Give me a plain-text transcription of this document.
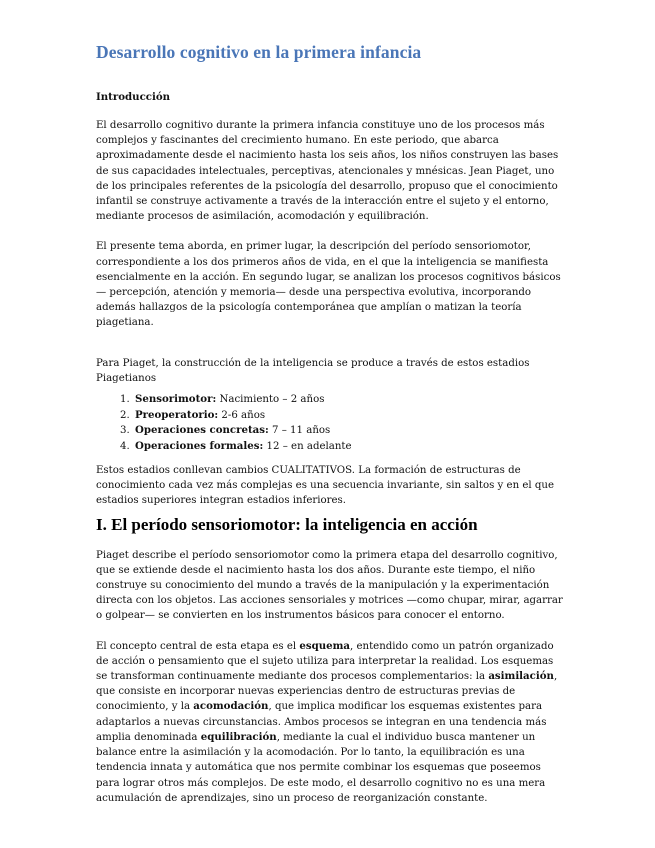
Desarrollo cognitivo en la primera infancia
Introducción

El desarrollo cognitivo durante la primera infancia constituye uno de los procesos más complejos y fascinantes del crecimiento humano. En este periodo, que abarca aproximadamente desde el nacimiento hasta los seis años, los niños construyen las bases de sus capacidades intelectuales, perceptivas, atencionales y mnésicas. Jean Piaget, uno de los principales referentes de la psicología del desarrollo, propuso que el conocimiento infantil se construye activamente a través de la interacción entre el sujeto y el entorno, mediante procesos de asimilación, acomodación y equilibración.

El presente tema aborda, en primer lugar, la descripción del período sensoriomotor, correspondiente a los dos primeros años de vida, en el que la inteligencia se manifiesta esencialmente en la acción. En segundo lugar, se analizan los procesos cognitivos básicos — percepción, atención y memoria— desde una perspectiva evolutiva, incorporando además hallazgos de la psicología contemporánea que amplían o matizan la teoría piagetiana.

Para Piaget, la construcción de la inteligencia se produce a través de estos estadios Piagetianos

1. Sensorimotor: Nacimiento – 2 años
2. Preoperatorio: 2-6 años
3. Operaciones concretas: 7 – 11 años
4. Operaciones formales: 12 – en adelante

Estos estadios conllevan cambios CUALITATIVOS. La formación de estructuras de conocimiento cada vez más complejas es una secuencia invariante, sin saltos y en el que estadios superiores integran estadios inferiores.

I. El período sensoriomotor: la inteligencia en acción

Piaget describe el período sensoriomotor como la primera etapa del desarrollo cognitivo, que se extiende desde el nacimiento hasta los dos años. Durante este tiempo, el niño construye su conocimiento del mundo a través de la manipulación y la experimentación directa con los objetos. Las acciones sensoriales y motrices —como chupar, mirar, agarrar o golpear— se convierten en los instrumentos básicos para conocer el entorno.

El concepto central de esta etapa es el esquema, entendido como un patrón organizado de acción o pensamiento que el sujeto utiliza para interpretar la realidad. Los esquemas se transforman continuamente mediante dos procesos complementarios: la asimilación, que consiste en incorporar nuevas experiencias dentro de estructuras previas de conocimiento, y la acomodación, que implica modificar los esquemas existentes para adaptarlos a nuevas circunstancias. Ambos procesos se integran en una tendencia más amplia denominada equilibración, mediante la cual el individuo busca mantener un balance entre la asimilación y la acomodación. Por lo tanto, la equilibración es una tendencia innata y automática que nos permite combinar los esquemas que poseemos para lograr otros más complejos. De este modo, el desarrollo cognitivo no es una mera acumulación de aprendizajes, sino un proceso de reorganización constante.
